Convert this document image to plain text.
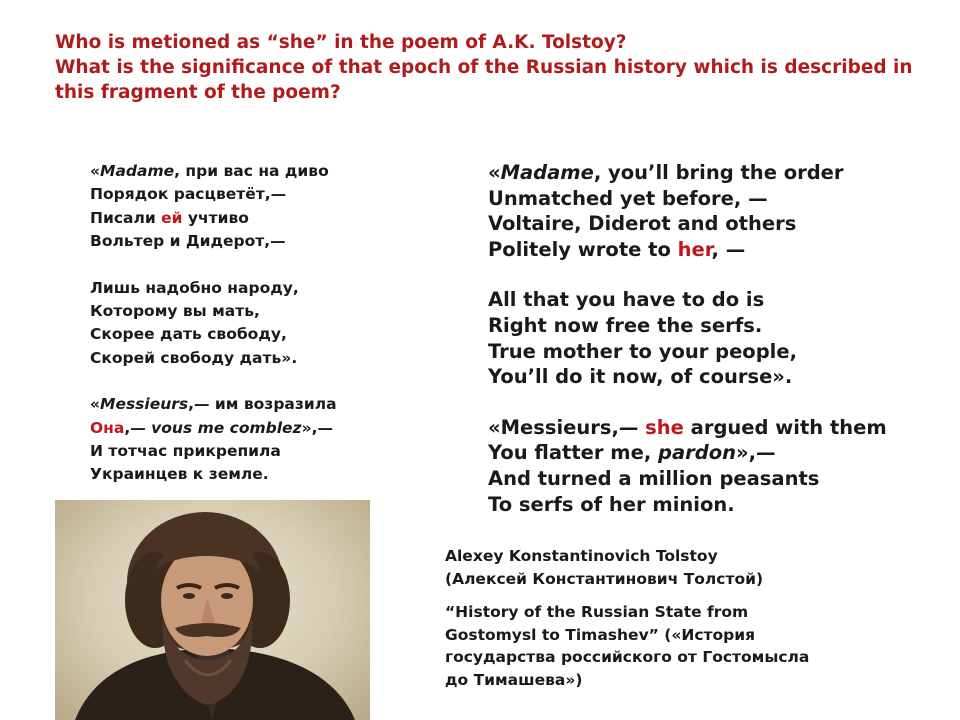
Who is metioned as “she” in the poem of A.K. Tolstoy?

What is the significance of that epoch of the Russian history which is described in this fragment of the poem?

«Madame, при вас на диво
Порядок расцветёт,—
Писали ей учтиво
Вольтер и Дидерот,—
Лишь надобно народу,
Которому вы мать,
Скорее дать свободу,
Скорей свободу дать».
«Messieurs,— им возразила
Она,— vous me comblez»,—
И тотчас прикрепила
Украинцев к земле.
«Madame, you’ll bring the order
Unmatched yet before, —
Voltaire, Diderot and others
Politely wrote to her, —
All that you have to do is
Right now free the serfs.
True mother to your people,
You’ll do it now, of course».
«Messieurs,— she argued with them
You flatter me, pardon»,—
And turned a million peasants
To serfs of her minion.

Alexey Konstantinovich Tolstoy
(Алексей Константинович Толстой)

“History of the Russian State from
Gostomysl to Timashev” («История
государства российского от Гостомысла
до Тимашева»)
